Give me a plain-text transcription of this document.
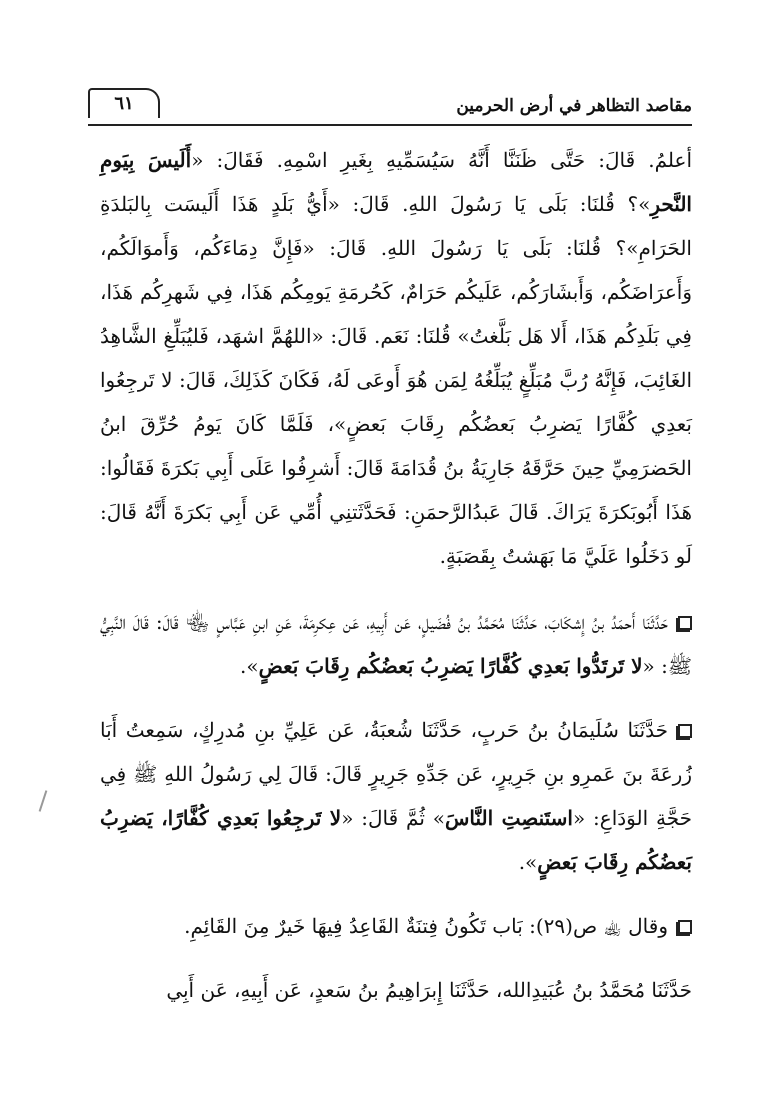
٦١	مقاصد التظاهر في أرض الحرمين

أعلمُ. قَالَ: حَتَّى ظَنَنَّا أَنَّهُ سَيُسَمِّيهِ بِغَيرِ اسْمِهِ. فَقَالَ: «أَلَيسَ بِيَومِ النَّحرِ»؟ قُلنَا: بَلَى يَا رَسُولَ اللهِ. قَالَ: «أَيُّ بَلَدٍ هَذَا أَلَيسَت بِالبَلدَةِ الحَرَامِ»؟ قُلنَا: بَلَى يَا رَسُولَ اللهِ. قَالَ: «فَإِنَّ دِمَاءَكُم، وَأَموَالَكُم، وَأَعرَاضَكُم، وَأَبشَارَكُم، عَلَيكُم حَرَامٌ، كَحُرمَةِ يَومِكُم هَذَا، فِي شَهرِكُم هَذَا، فِي بَلَدِكُم هَذَا، أَلا هَل بَلَّغتُ» قُلنَا: نَعَم. قَالَ: «اللهُمَّ اشهَد، فَليُبَلِّغِ الشَّاهِدُ الغَائِبَ، فَإِنَّهُ رُبَّ مُبَلِّغٍ يُبَلِّغُهُ لِمَن هُوَ أَوعَى لَهُ، فَكَانَ كَذَلِكَ، قَالَ: لا تَرجِعُوا بَعدِي كُفَّارًا يَضرِبُ بَعضُكُم رِقَابَ بَعضٍ»، فَلَمَّا كَانَ يَومُ حُرِّقَ ابنُ الحَضرَمِيِّ حِينَ حَرَّقَهُ جَارِيَةُ بنُ قُدَامَةَ قَالَ: أَشرِفُوا عَلَى أَبِي بَكرَةَ فَقَالُوا: هَذَا أَبُوبَكرَةَ يَرَاكَ. قَالَ عَبدُالرَّحمَنِ: فَحَدَّثَتنِي أُمِّي عَن أَبِي بَكرَةَ أَنَّهُ قَالَ: لَو دَخَلُوا عَلَيَّ مَا بَهَشتُ بِقَصَبَةٍ.

حَدَّثَنَا أَحمَدُ بنُ إِشكَابَ، حَدَّثَنَا مُحَمَّدُ بنُ فُضَيلٍ، عَن أَبِيهِ، عَن عِكرِمَةَ، عَنِ ابنِ عَبَّاسٍ ﵄ قَالَ: قَالَ النَّبِيُّ ﷺ: «لا تَرتَدُّوا بَعدِي كُفَّارًا يَضرِبُ بَعضُكُم رِقَابَ بَعضٍ».

حَدَّثَنَا سُلَيمَانُ بنُ حَربٍ، حَدَّثَنَا شُعبَةُ، عَن عَلِيِّ بنِ مُدرِكٍ، سَمِعتُ أَبَا زُرعَةَ بنَ عَمرِو بنِ جَرِيرٍ، عَن جَدِّهِ جَرِيرٍ قَالَ: قَالَ لِي رَسُولُ اللهِ ﷺ فِي حَجَّةِ الوَدَاعِ: «استَنصِتِ النَّاسَ» ثُمَّ قَالَ: «لا تَرجِعُوا بَعدِي كُفَّارًا، يَضرِبُ بَعضُكُم رِقَابَ بَعضٍ».

وقال ﵀ ص(٢٩): بَاب تَكُونُ فِتنَةٌ القَاعِدُ فِيهَا خَيرٌ مِنَ القَائِمِ.

حَدَّثَنَا مُحَمَّدُ بنُ عُبَيدِالله، حَدَّثَنَا إِبرَاهِيمُ بنُ سَعدٍ، عَن أَبِيهِ، عَن أَبِي
